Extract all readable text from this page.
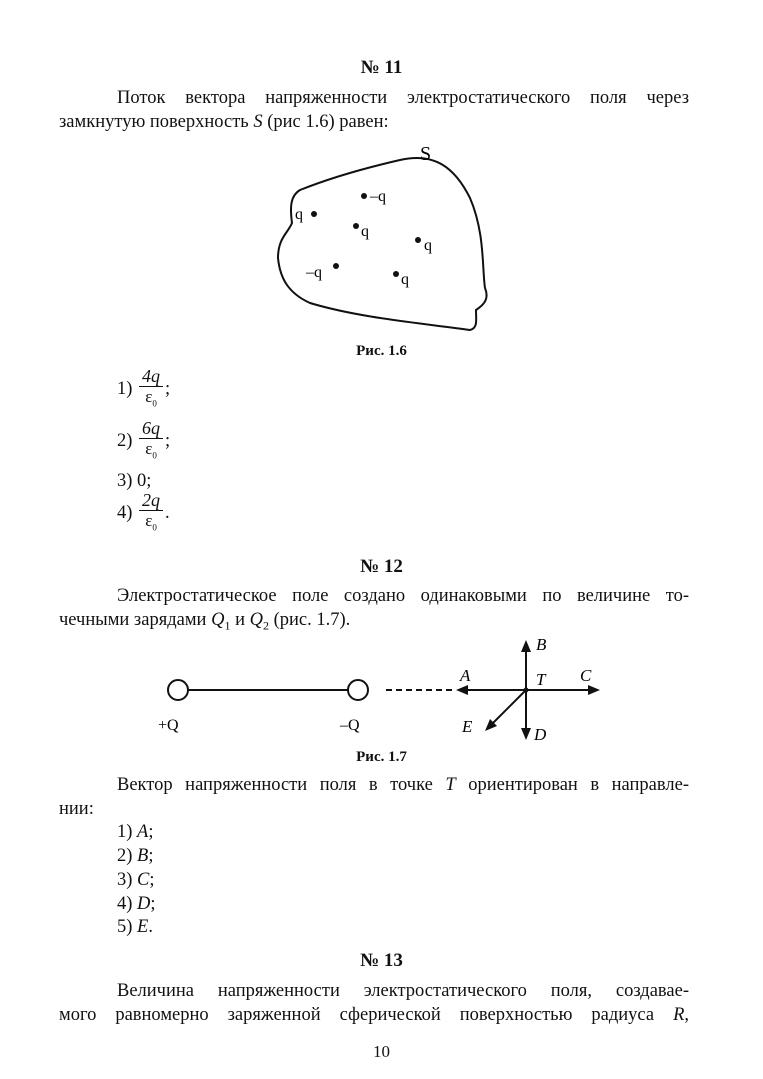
№ 11
Поток вектора напряженности электростатического поля через
замкнутую поверхность S (рис 1.6) равен:
S
–q
q
q
q
–q	q
Рис. 1.6
$1) \frac{4q}{\varepsilon_0}$ ;
$2) \frac{6q}{\varepsilon_0}$ ;
3) 0;
$4) \frac{2q}{\varepsilon_0}$ .
№ 12
Электростатическое поле создано одинаковыми по величине то-
чечными зарядами $Q_1$ и $Q_2$ (рис. 1.7).
+Q	–Q
A
B
C
D
E
T
Рис. 1.7
Вектор напряженности поля в точке T ориентирован в направле-
нии:
1) A;
2) B;
3) C;
4) D;
5) E.
№ 13
Величина напряженности электростатического поля, создавае-
мого равномерно заряженной сферической поверхностью радиуса R,
10
